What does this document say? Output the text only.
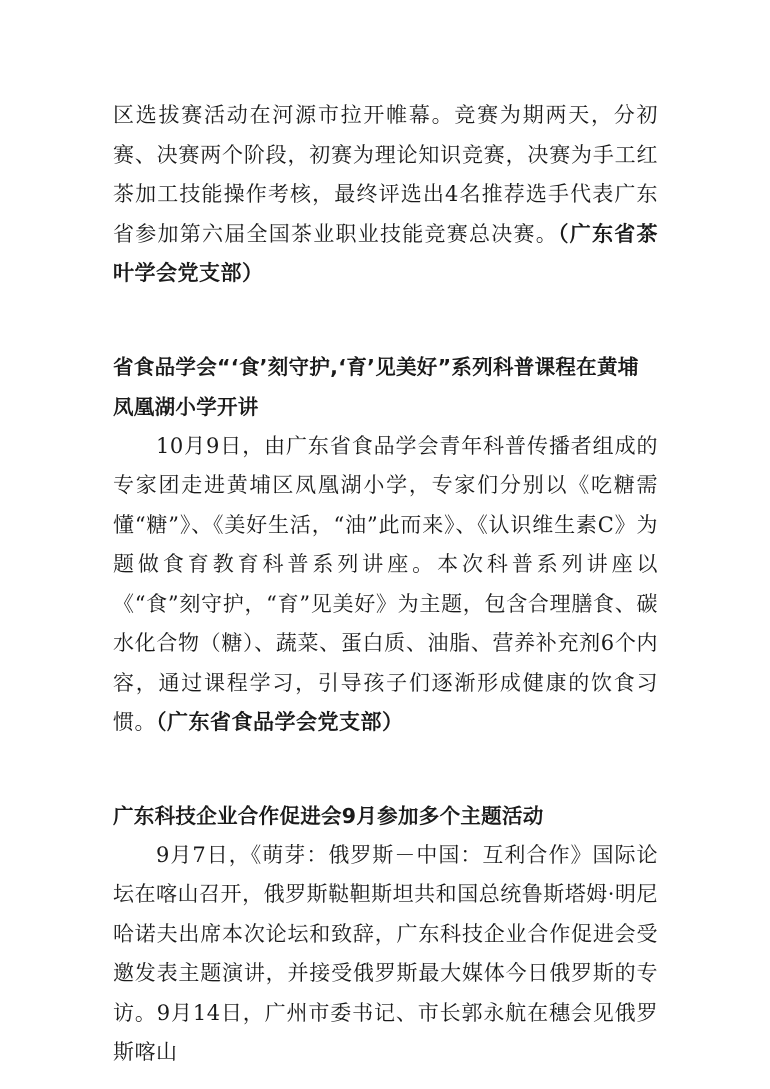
区选拔赛活动在河源市拉开帷幕。竞赛为期两天，分初赛、决赛两个阶段，初赛为理论知识竞赛，决赛为手工红茶加工技能操作考核，最终评选出4名推荐选手代表广东省参加第六届全国茶业职业技能竞赛总决赛。（广东省茶叶学会党支部）

省食品学会“‘食’刻守护,‘育’见美好”系列科普课程在黄埔凤凰湖小学开讲

10月9日，由广东省食品学会青年科普传播者组成的专家团走进黄埔区凤凰湖小学，专家们分别以《吃糖需懂“糖”》、《美好生活，“油”此而来》、《认识维生素C》为题做食育教育科普系列讲座。本次科普系列讲座以《“食”刻守护，“育”见美好》为主题，包含合理膳食、碳水化合物（糖）、蔬菜、蛋白质、油脂、营养补充剂6个内容，通过课程学习，引导孩子们逐渐形成健康的饮食习惯。（广东省食品学会党支部）

广东科技企业合作促进会9月参加多个主题活动

9月7日，《萌芽：俄罗斯－中国：互利合作》国际论坛在喀山召开，俄罗斯鞑靼斯坦共和国总统鲁斯塔姆·明尼哈诺夫出席本次论坛和致辞，广东科技企业合作促进会受邀发表主题演讲，并接受俄罗斯最大媒体今日俄罗斯的专访。9月14日，广州市委书记、市长郭永航在穗会见俄罗斯喀山
